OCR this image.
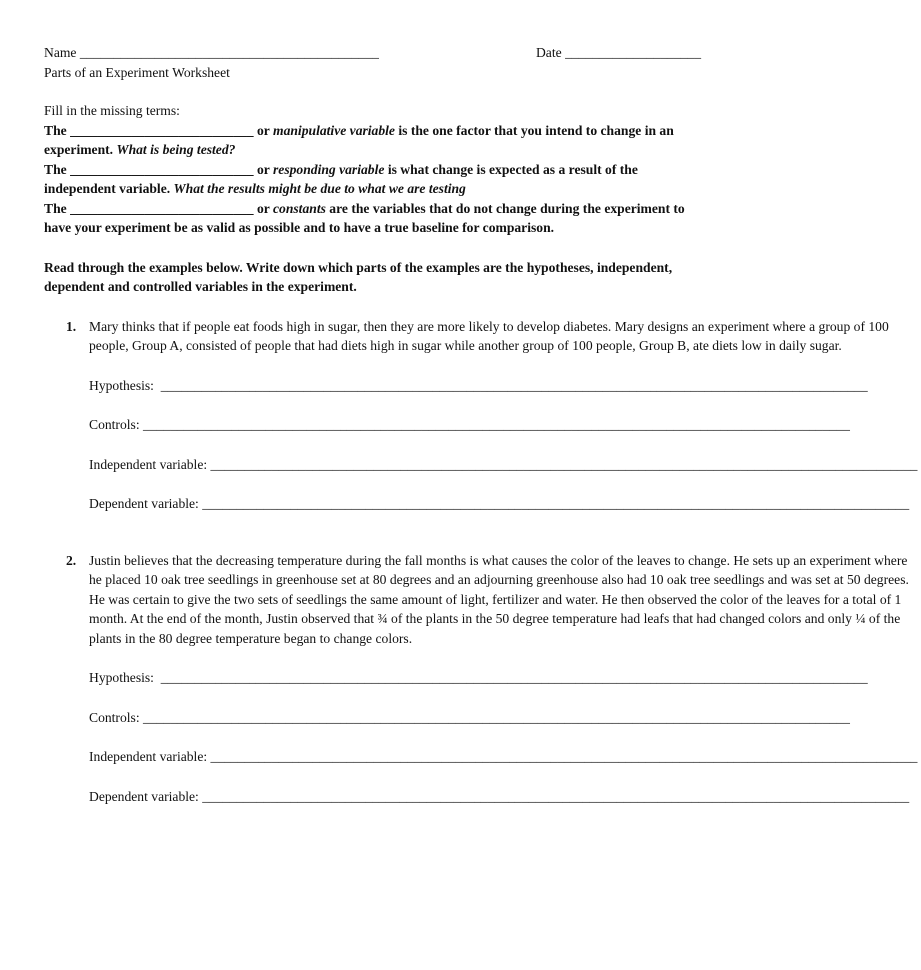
Name ____________________________________________	Date ____________________

Parts of an Experiment Worksheet

Fill in the missing terms:

The ___________________________ or manipulative variable is the one factor that you intend to change in an experiment. What is being tested?

The ___________________________ or responding variable is what change is expected as a result of the independent variable. What the results might be due to what we are testing

The ___________________________ or constants are the variables that do not change during the experiment to have your experiment be as valid as possible and to have a true baseline for comparison.

Read through the examples below. Write down which parts of the examples are the hypotheses, independent, dependent and controlled variables in the experiment.

1. Mary thinks that if people eat foods high in sugar, then they are more likely to develop diabetes. Mary designs an experiment where a group of 100 people, Group A, consisted of people that had diets high in sugar while another group of 100 people, Group B, ate diets low in daily sugar.

Hypothesis:
________________________________________________________________________________________________________
Controls:
________________________________________________________________________________________________________
Independent variable:
________________________________________________________________________________________________________
Dependent variable:
________________________________________________________________________________________________________
2. Justin believes that the decreasing temperature during the fall months is what causes the color of the leaves to change. He sets up an experiment where he placed 10 oak tree seedlings in greenhouse set at 80 degrees and an adjourning greenhouse also had 10 oak tree seedlings and was set at 50 degrees. He was certain to give the two sets of seedlings the same amount of light, fertilizer and water. He then observed the color of the leaves for a total of 1 month. At the end of the month, Justin observed that ¾ of the plants in the 50 degree temperature had leafs that had changed colors and only ¼ of the plants in the 80 degree temperature began to change colors.

Hypothesis:
________________________________________________________________________________________________________
Controls:
________________________________________________________________________________________________________
Independent variable:
________________________________________________________________________________________________________
Dependent variable:
________________________________________________________________________________________________________
